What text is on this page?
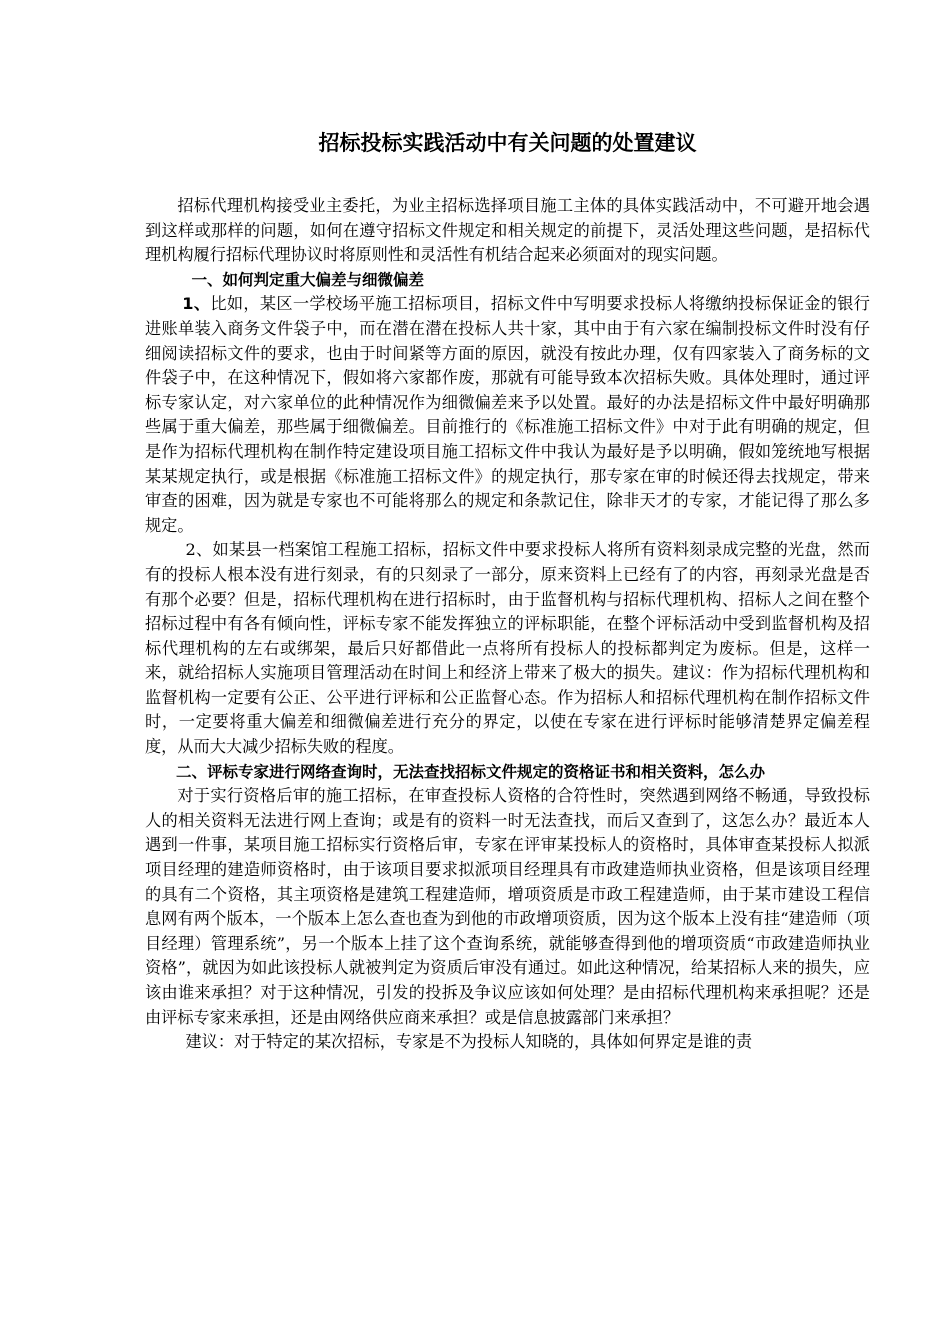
招标投标实践活动中有关问题的处置建议

招标代理机构接受业主委托，为业主招标选择项目施工主体的具体实践活动中，不可避开地会遇到这样或那样的问题，如何在遵守招标文件规定和相关规定的前提下，灵活处理这些问题，是招标代理机构履行招标代理协议时将原则性和灵活性有机结合起来必须面对的现实问题。

一、如何判定重大偏差与细微偏差

1、比如，某区一学校场平施工招标项目，招标文件中写明要求投标人将缴纳投标保证金的银行进账单装入商务文件袋子中，而在潜在潜在投标人共十家，其中由于有六家在编制投标文件时没有仔细阅读招标文件的要求，也由于时间紧等方面的原因，就没有按此办理，仅有四家装入了商务标的文件袋子中，在这种情况下，假如将六家都作废，那就有可能导致本次招标失败。具体处理时，通过评标专家认定，对六家单位的此种情况作为细微偏差来予以处置。最好的办法是招标文件中最好明确那些属于重大偏差，那些属于细微偏差。目前推行的《标准施工招标文件》中对于此有明确的规定，但是作为招标代理机构在制作特定建设项目施工招标文件中我认为最好是予以明确，假如笼统地写根据某某规定执行，或是根据《标准施工招标文件》的规定执行，那专家在审的时候还得去找规定，带来审查的困难，因为就是专家也不可能将那么的规定和条款记住，除非天才的专家，才能记得了那么多规定。

2、如某县一档案馆工程施工招标，招标文件中要求投标人将所有资料刻录成完整的光盘，然而有的投标人根本没有进行刻录，有的只刻录了一部分，原来资料上已经有了的内容，再刻录光盘是否有那个必要？但是，招标代理机构在进行招标时，由于监督机构与招标代理机构、招标人之间在整个招标过程中有各有倾向性，评标专家不能发挥独立的评标职能，在整个评标活动中受到监督机构及招标代理机构的左右或绑架，最后只好都借此一点将所有投标人的投标都判定为废标。但是，这样一来，就给招标人实施项目管理活动在时间上和经济上带来了极大的损失。建议：作为招标代理机构和监督机构一定要有公正、公平进行评标和公正监督心态。作为招标人和招标代理机构在制作招标文件时，一定要将重大偏差和细微偏差进行充分的界定，以使在专家在进行评标时能够清楚界定偏差程度，从而大大减少招标失败的程度。

二、评标专家进行网络查询时，无法查找招标文件规定的资格证书和相关资料，怎么办

对于实行资格后审的施工招标，在审查投标人资格的合符性时，突然遇到网络不畅通，导致投标人的相关资料无法进行网上查询；或是有的资料一时无法查找，而后又查到了，这怎么办？最近本人遇到一件事，某项目施工招标实行资格后审，专家在评审某投标人的资格时，具体审查某投标人拟派项目经理的建造师资格时，由于该项目要求拟派项目经理具有市政建造师执业资格，但是该项目经理的具有二个资格，其主项资格是建筑工程建造师，增项资质是市政工程建造师，由于某市建设工程信息网有两个版本，一个版本上怎么查也查为到他的市政增项资质，因为这个版本上没有挂“建造师（项目经理）管理系统”，另一个版本上挂了这个查询系统，就能够查得到他的增项资质“市政建造师执业资格”，就因为如此该投标人就被判定为资质后审没有通过。如此这种情况，给某招标人来的损失，应该由谁来承担？对于这种情况，引发的投拆及争议应该如何处理？是由招标代理机构来承担呢？还是由评标专家来承担，还是由网络供应商来承担？或是信息披露部门来承担？

建议：对于特定的某次招标，专家是不为投标人知晓的，具体如何界定是谁的责
